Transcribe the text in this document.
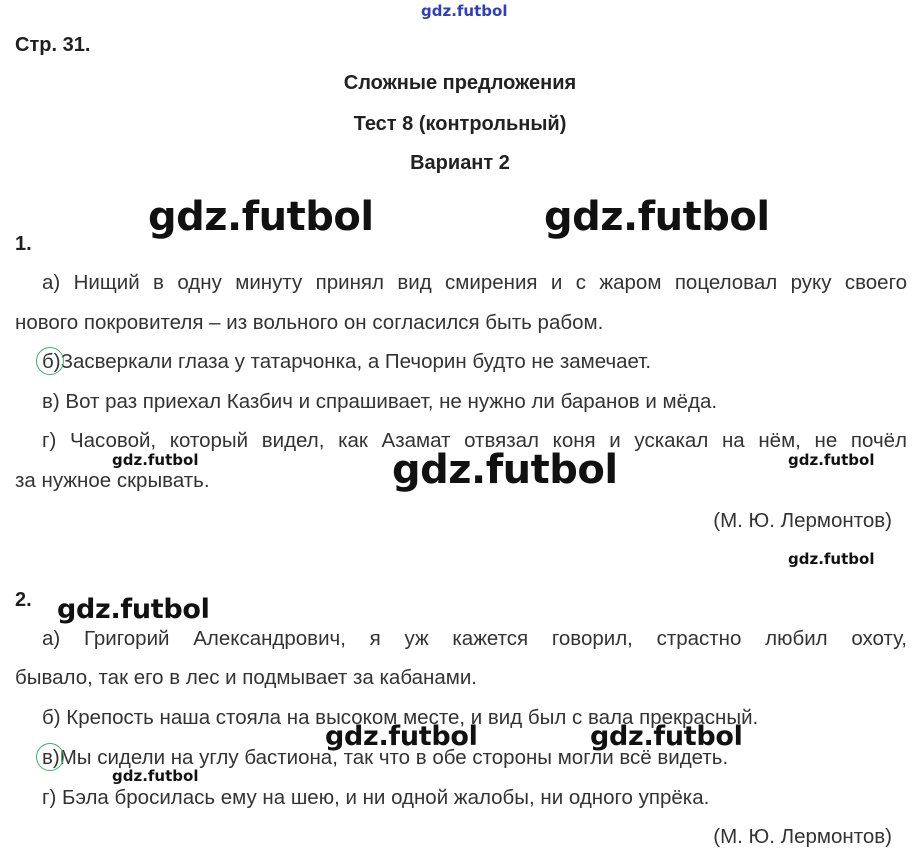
gdz.futbol
Стр. 31.
Сложные предложения
Тест 8 (контрольный)
Вариант 2
gdz.futbol	gdz.futbol
1.
а) Нищий в одну минуту принял вид смирения и с жаром поцеловал руку своего
нового покровителя – из вольного он согласился быть рабом.
б)Засверкали глаза у татарчонка, а Печорин будто не замечает.
в) Вот раз приехал Казбич и спрашивает, не нужно ли баранов и мёда.
г) Часовой, который видел, как Азамат отвязал коня и ускакал на нём, не почёл
за нужное скрывать.
(М. Ю. Лермонтов)
gdz.futbol	gdz.futbol	gdz.futbol
gdz.futbol
2. gdz.futbol
а) Григорий Александрович, я уж кажется говорил, страстно любил охоту,
бывало, так его в лес и подмывает за кабанами.
б) Крепость наша стояла на высоком месте, и вид был с вала прекрасный.
gdz.futbol	gdz.futbol
в)Мы сидели на углу бастиона, так что в обе стороны могли всё видеть.
gdz.futbol
г) Бэла бросилась ему на шею, и ни одной жалобы, ни одного упрёка.
(М. Ю. Лермонтов)
